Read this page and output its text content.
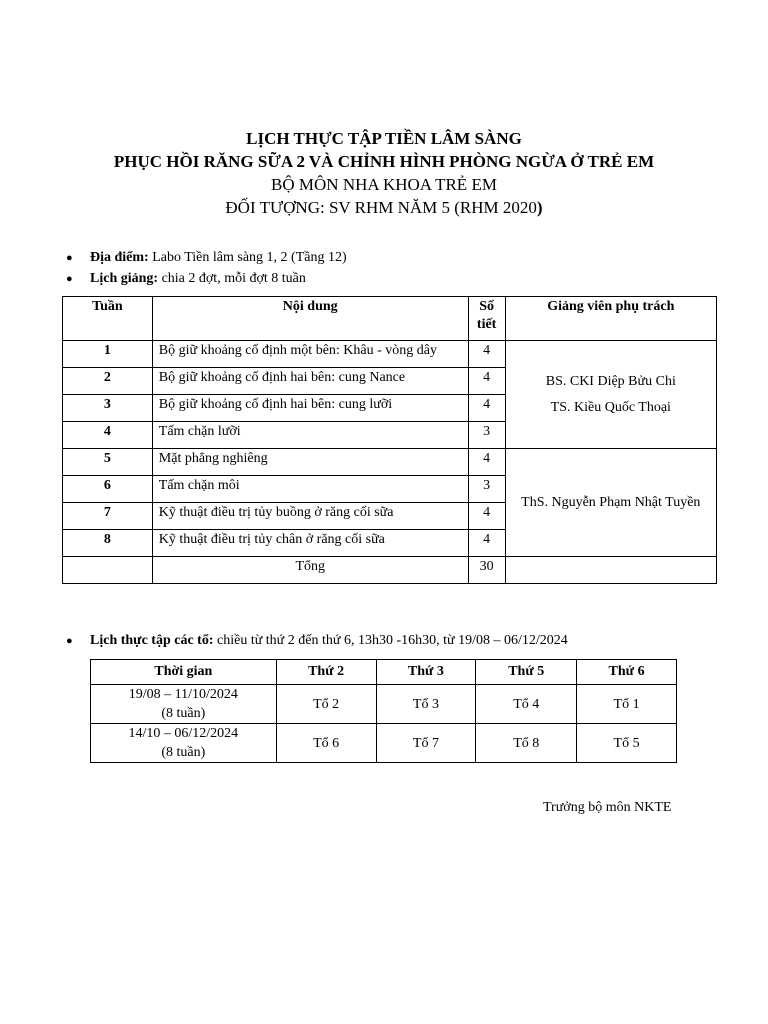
LỊCH THỰC TẬP TIỀN LÂM SÀNG
PHỤC HỒI RĂNG SỮA 2 VÀ CHỈNH HÌNH PHÒNG NGỪA Ở TRẺ EM
BỘ MÔN NHA KHOA TRẺ EM
ĐỐI TƯỢNG: SV RHM NĂM 5 (RHM 2020)
● Địa điểm: Labo Tiền lâm sàng 1, 2 (Tầng 12)
● Lịch giảng: chia 2 đợt, mỗi đợt 8 tuần
Tuần	Nội dung	Số tiết	Giảng viên phụ trách
1	Bộ giữ khoảng cố định một bên: Khâu - vòng dây	4	BS. CKI Diệp Bửu Chi
TS. Kiều Quốc Thoại

2	Bộ giữ khoảng cố định hai bên: cung Nance	4	
3	Bộ giữ khoảng cố định hai bên: cung lưỡi	4	
4	Tấm chặn lưỡi	3	
5	Mặt phẳng nghiêng	4	ThS. Nguyễn Phạm Nhật Tuyền
6	Tấm chặn môi	3	
7	Kỹ thuật điều trị tủy buồng ở răng cối sữa	4	
8	Kỹ thuật điều trị tủy chân ở răng cối sữa	4	
	Tổng	30	
● Lịch thực tập các tổ: chiều từ thứ 2 đến thứ 6, 13h30 -16h30, từ 19/08 – 06/12/2024
Thời gian	Thứ 2	Thứ 3	Thứ 5	Thứ 6

19/08 – 11/10/2024
(8 tuần)	Tổ 2	Tổ 3	Tổ 4	Tổ 1

14/10 – 06/12/2024
(8 tuần)	Tổ 6	Tổ 7	Tổ 8	Tổ 5
Trưởng bộ môn NKTE
